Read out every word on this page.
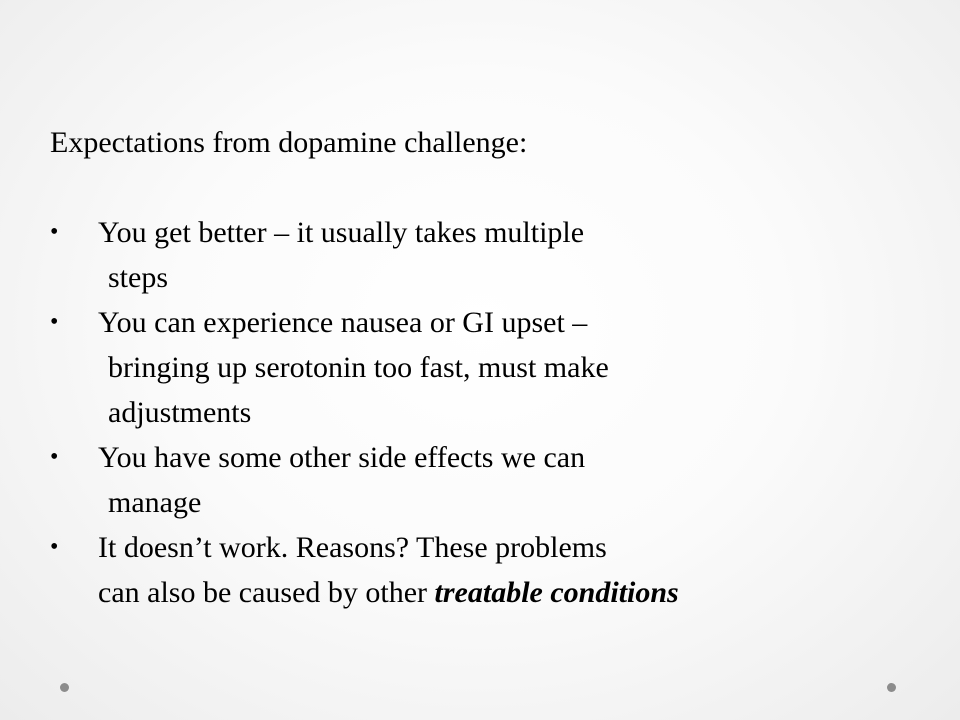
Expectations from dopamine challenge:
•	You get better – it usually takes multiple
steps
•	You can experience nausea or GI upset –
bringing up serotonin too fast, must make
adjustments
•	You have some other side effects we can
manage
•	It doesn’t work. Reasons? These problems
can also be caused by other treatable conditions
